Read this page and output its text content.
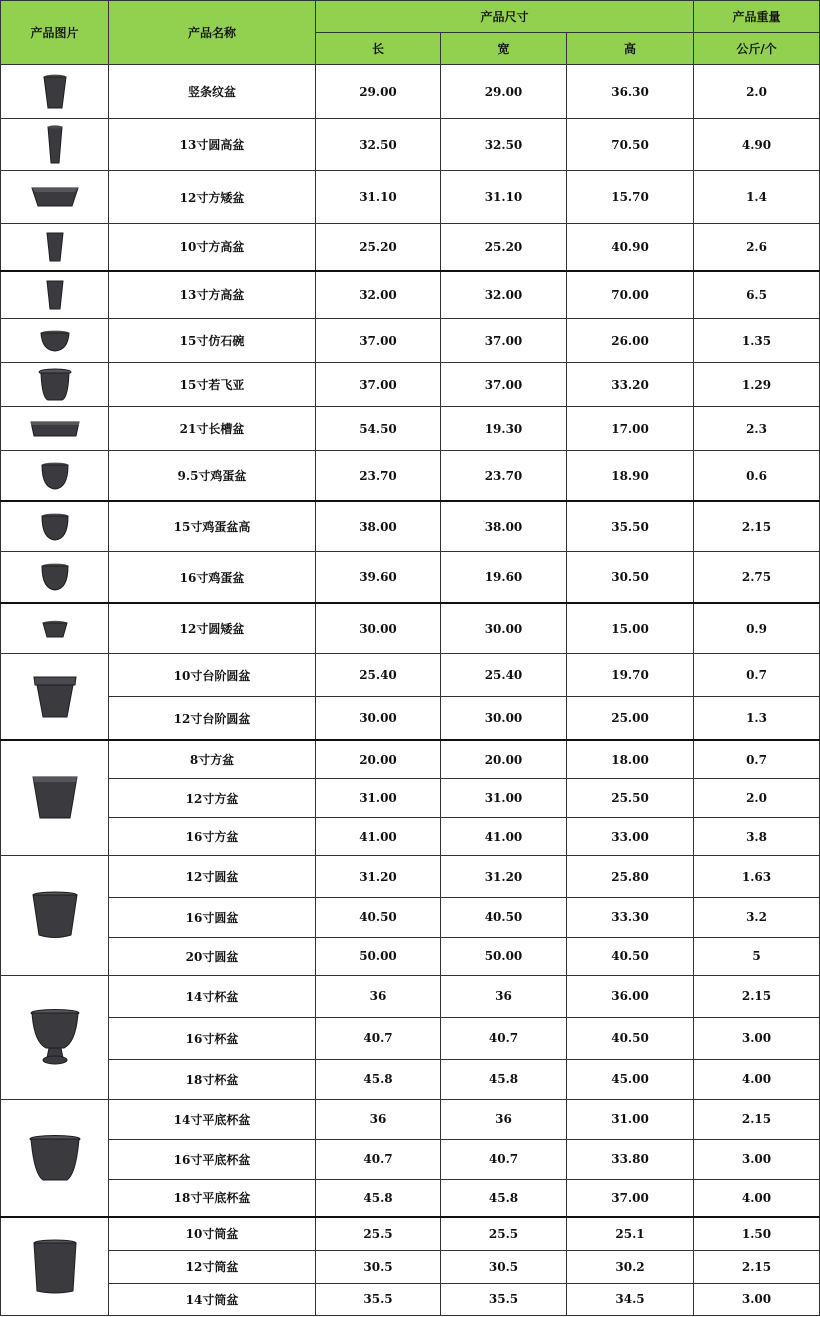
产品图片	产品名称	产品尺寸			产品重量
		长	宽	高	公斤/个

	竖条纹盆	29.00	29.00	36.30	2.0

	13寸圆高盆	32.50	32.50	70.50	4.90

	12寸方矮盆	31.10	31.10	15.70	1.4

	10寸方高盆	25.20	25.20	40.90	2.6

	13寸方高盆	32.00	32.00	70.00	6.5

	15寸仿石碗	37.00	37.00	26.00	1.35

	15寸若飞亚	37.00	37.00	33.20	1.29

	21寸长槽盆	54.50	19.30	17.00	2.3

	9.5寸鸡蛋盆	23.70	23.70	18.90	0.6

	15寸鸡蛋盆高	38.00	38.00	35.50	2.15

	16寸鸡蛋盆	39.60	19.60	30.50	2.75

	12寸圆矮盆	30.00	30.00	15.00	0.9

	10寸台阶圆盆	25.40	25.40	19.70	0.7
	12寸台阶圆盆	30.00	30.00	25.00	1.3

	8寸方盆	20.00	20.00	18.00	0.7
	12寸方盆	31.00	31.00	25.50	2.0
	16寸方盆	41.00	41.00	33.00	3.8

	12寸圆盆	31.20	31.20	25.80	1.63
	16寸圆盆	40.50	40.50	33.30	3.2
	20寸圆盆	50.00	50.00	40.50	5

	14寸杯盆	36	36	36.00	2.15
	16寸杯盆	40.7	40.7	40.50	3.00
	18寸杯盆	45.8	45.8	45.00	4.00

	14寸平底杯盆	36	36	31.00	2.15
	16寸平底杯盆	40.7	40.7	33.80	3.00
	18寸平底杯盆	45.8	45.8	37.00	4.00

	10寸筒盆	25.5	25.5	25.1	1.50
	12寸筒盆	30.5	30.5	30.2	2.15
	14寸筒盆	35.5	35.5	34.5	3.00
